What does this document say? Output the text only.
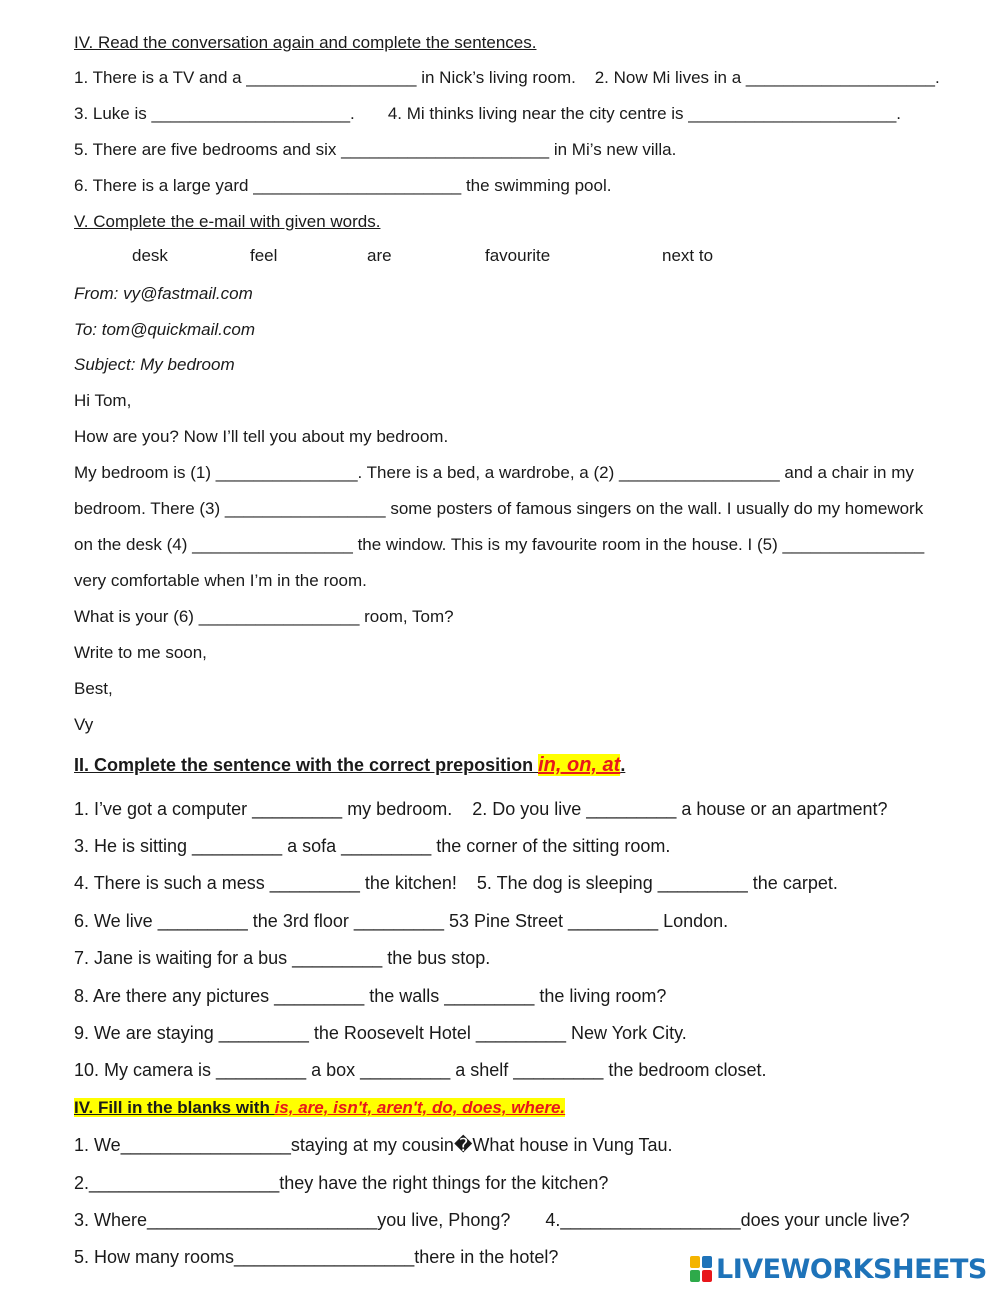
IV. Read the conversation again and complete the sentences.
1. There is a TV and a __________________ in Nick’s living room.    2. Now Mi lives in a ____________________.
3. Luke is _____________________.       4. Mi thinks living near the city centre is ______________________.
5. There are five bedrooms and six ______________________ in Mi’s new villa.
6. There is a large yard ______________________ the swimming pool.
V. Complete the e-mail with given words.
desk	feel	are	favourite	next to
From: vy@fastmail.com
To: tom@quickmail.com
Subject: My bedroom
Hi Tom,
How are you? Now I’ll tell you about my bedroom.
My bedroom is (1) _______________. There is a bed, a wardrobe, a (2) _________________ and a chair in my
bedroom. There (3) _________________ some posters of famous singers on the wall. I usually do my homework
on the desk (4) _________________ the window. This is my favourite room in the house. I (5) _______________
very comfortable when I’m in the room.
What is your (6) _________________ room, Tom?
Write to me soon,
Best,
Vy
II. Complete the sentence with the correct preposition in, on, at.
1. I’ve got a computer _________ my bedroom.    2. Do you live _________ a house or an apartment?
3. He is sitting _________ a sofa _________ the corner of the sitting room.
4. There is such a mess _________ the kitchen!    5. The dog is sleeping _________ the carpet.
6. We live _________ the 3rd floor _________ 53 Pine Street _________ London.
7. Jane is waiting for a bus _________ the bus stop.
8. Are there any pictures _________ the walls _________ the living room?
9. We are staying _________ the Roosevelt Hotel _________ New York City.
10. My camera is _________ a box _________ a shelf _________ the bedroom closet.
IV. Fill in the blanks with is, are, isn't, aren't, do, does, where.
1. We_________________staying at my cousin�What house in Vung Tau.
2.___________________they have the right things for the kitchen?
3. Where_______________________you live, Phong?       4.__________________does your uncle live?
5. How many rooms__________________there in the hotel?	LIVEWORKSHEETS
